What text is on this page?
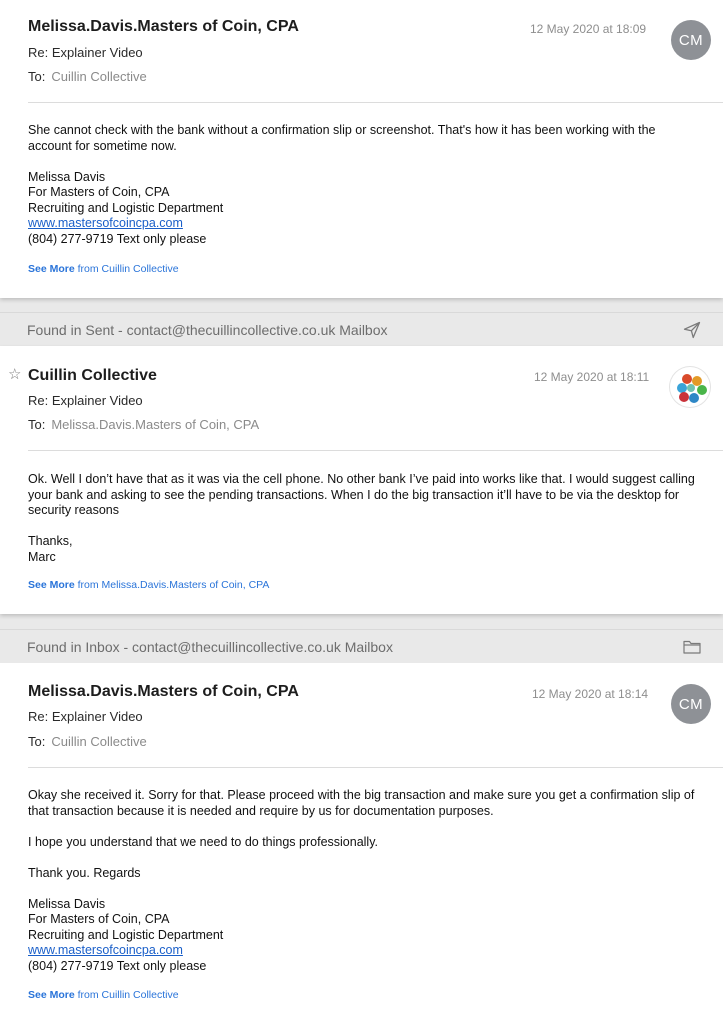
Melissa.Davis.Masters of Coin, CPA	12 May 2020 at 18:09
CM
Re: Explainer Video
To: Cuillin Collective

She cannot check with the bank without a confirmation slip or screenshot. That's how it has been working with the account for sometime now.

Melissa Davis

For Masters of Coin, CPA

Recruiting and Logistic Department

www.mastersofcoincpa.com

(804) 277-9719 Text only please

See More from Cuillin Collective
Found in Sent - contact@thecuillincollective.co.uk Mailbox
☆ Cuillin Collective	12 May 2020 at 18:11
Re: Explainer Video
To: Melissa.Davis.Masters of Coin, CPA

Ok. Well I don’t have that as it was via the cell phone. No other bank I’ve paid into works like that. I would suggest calling your bank and asking to see the pending transactions. When I do the big transaction it’ll have to be via the desktop for security reasons

Thanks,

Marc

See More from Melissa.Davis.Masters of Coin, CPA
Found in Inbox - contact@thecuillincollective.co.uk Mailbox
Melissa.Davis.Masters of Coin, CPA	12 May 2020 at 18:14
CM
Re: Explainer Video
To: Cuillin Collective

Okay she received it. Sorry for that. Please proceed with the big transaction and make sure you get a confirmation slip of that transaction because it is needed and require by us for documentation purposes.

I hope you understand that we need to do things professionally.

Thank you. Regards

Melissa Davis

For Masters of Coin, CPA

Recruiting and Logistic Department

www.mastersofcoincpa.com

(804) 277-9719 Text only please

See More from Cuillin Collective
